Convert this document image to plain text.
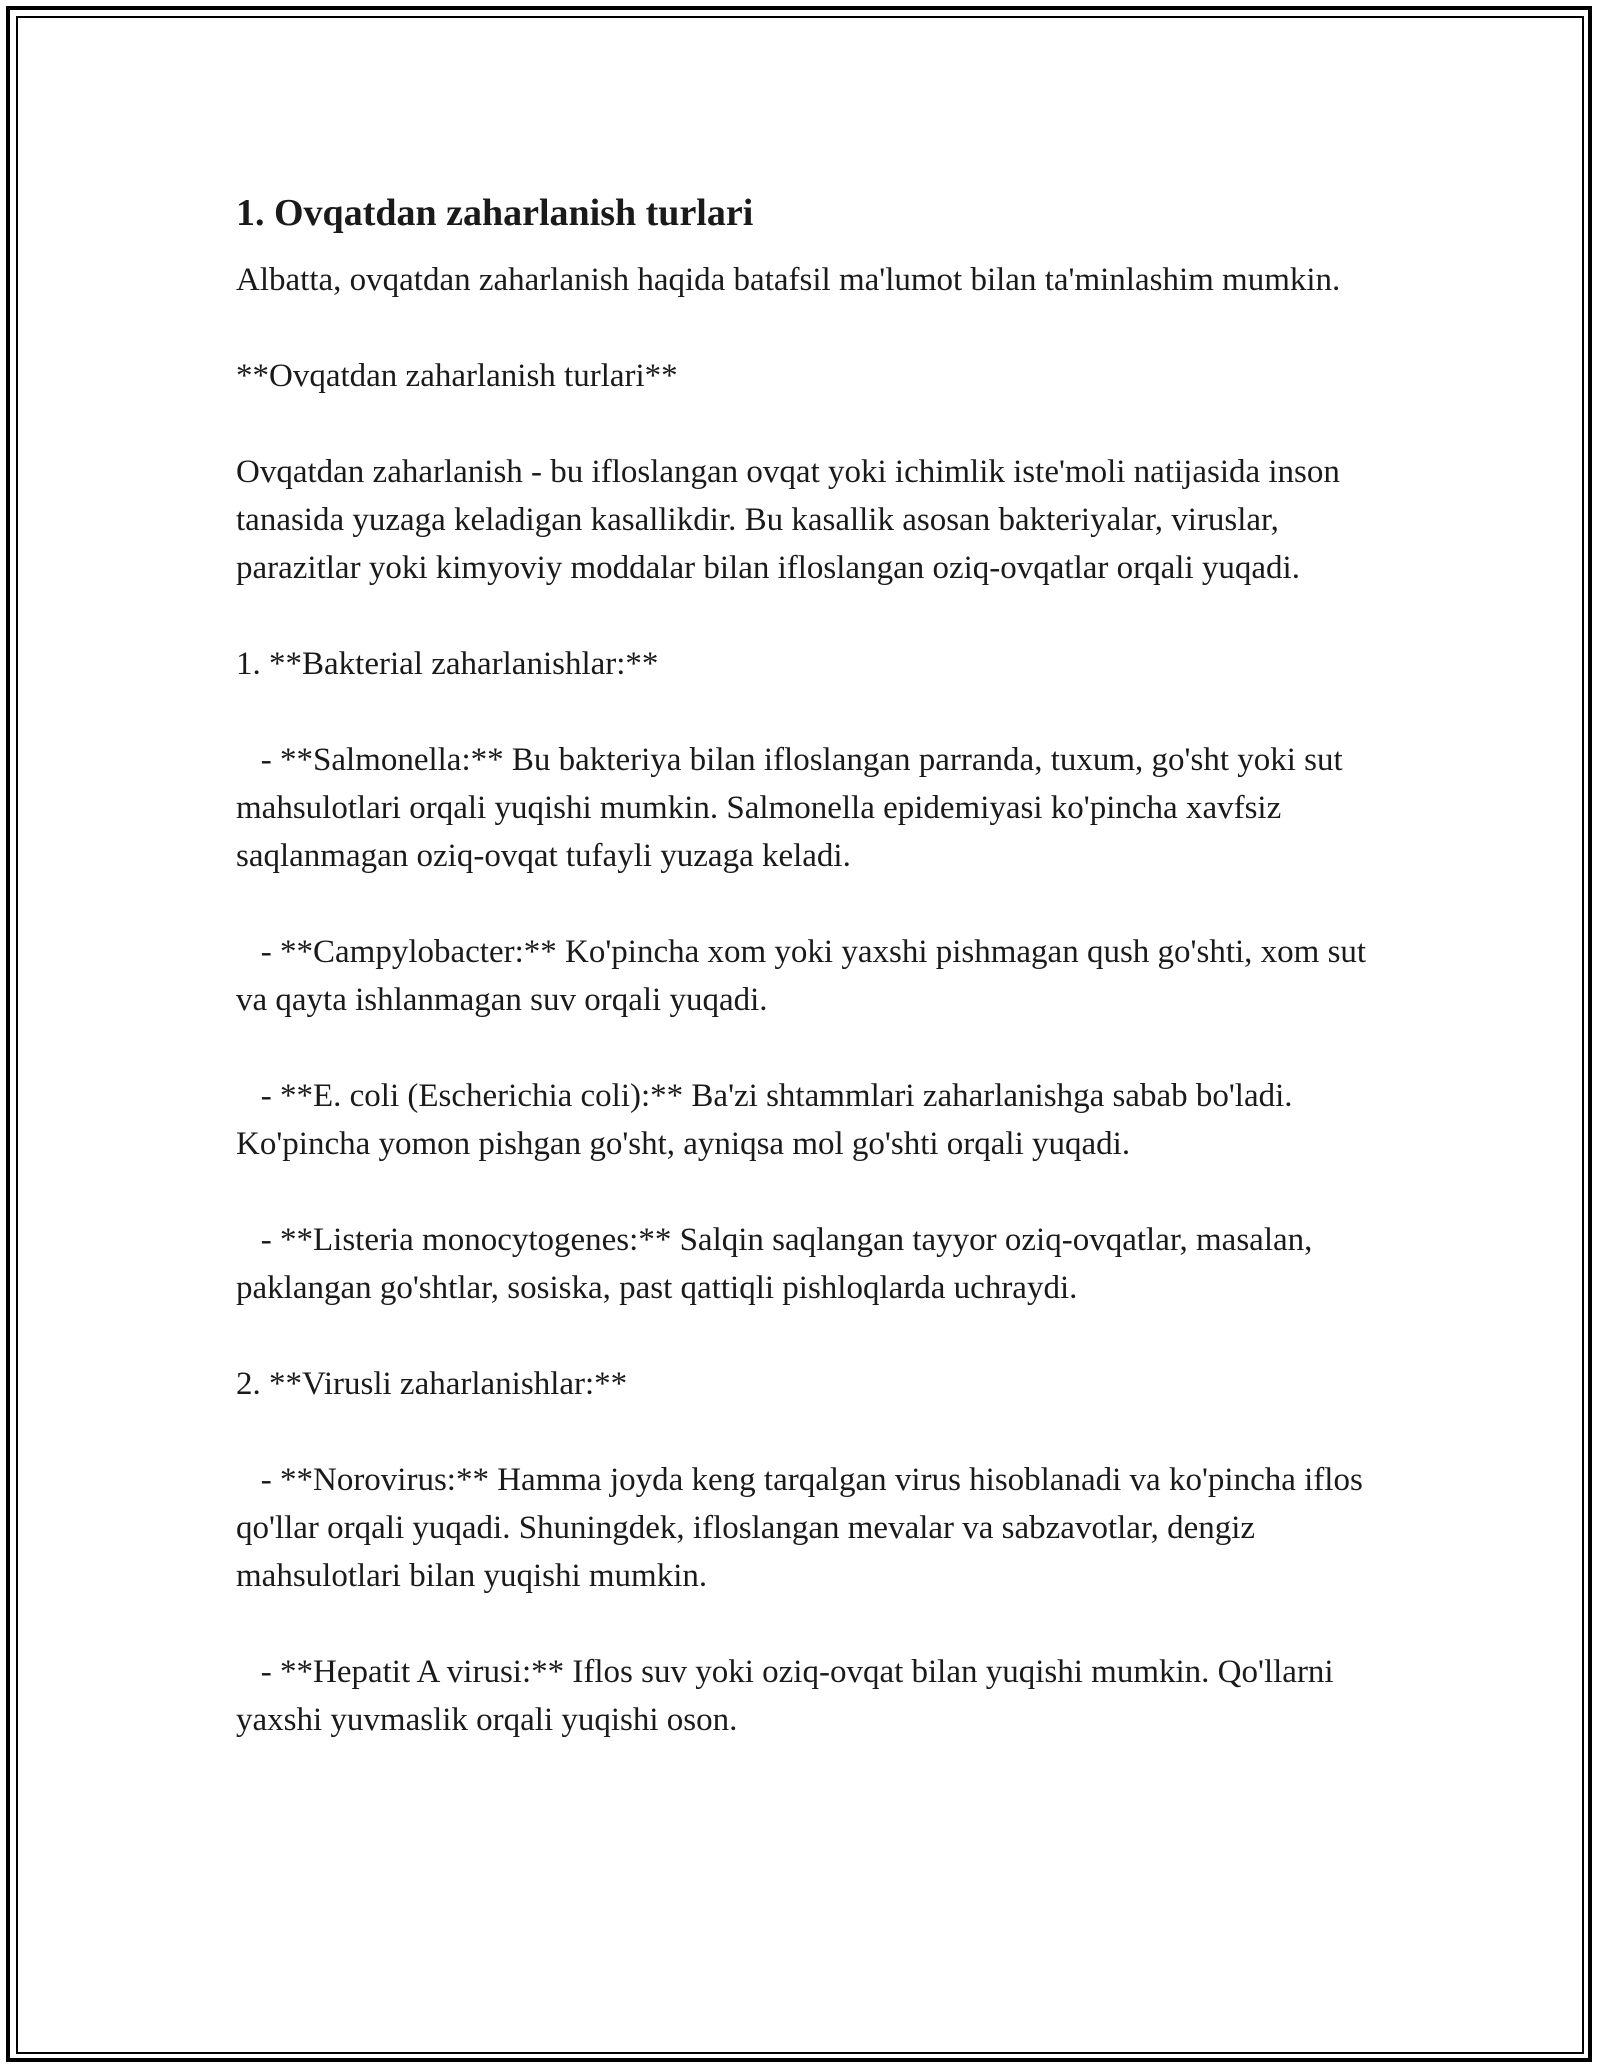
1. Ovqatdan zaharlanish turlari

Albatta, ovqatdan zaharlanish haqida batafsil ma'lumot bilan ta'minlashim mumkin.

**Ovqatdan zaharlanish turlari**

Ovqatdan zaharlanish - bu ifloslangan ovqat yoki ichimlik iste'moli natijasida inson tanasida yuzaga keladigan kasallikdir. Bu kasallik asosan bakteriyalar, viruslar, parazitlar yoki kimyoviy moddalar bilan ifloslangan oziq-ovqatlar orqali yuqadi.

1. **Bakterial zaharlanishlar:**

- **Salmonella:** Bu bakteriya bilan ifloslangan parranda, tuxum, go'sht yoki sut mahsulotlari orqali yuqishi mumkin. Salmonella epidemiyasi ko'pincha xavfsiz saqlanmagan oziq-ovqat tufayli yuzaga keladi.

- **Campylobacter:** Ko'pincha xom yoki yaxshi pishmagan qush go'shti, xom sut va qayta ishlanmagan suv orqali yuqadi.

- **E. coli (Escherichia coli):** Ba'zi shtammlari zaharlanishga sabab bo'ladi. Ko'pincha yomon pishgan go'sht, ayniqsa mol go'shti orqali yuqadi.

- **Listeria monocytogenes:** Salqin saqlangan tayyor oziq-ovqatlar, masalan, paklangan go'shtlar, sosiska, past qattiqli pishloqlarda uchraydi.

2. **Virusli zaharlanishlar:**

- **Norovirus:** Hamma joyda keng tarqalgan virus hisoblanadi va ko'pincha iflos qo'llar orqali yuqadi. Shuningdek, ifloslangan mevalar va sabzavotlar, dengiz mahsulotlari bilan yuqishi mumkin.

- **Hepatit A virusi:** Iflos suv yoki oziq-ovqat bilan yuqishi mumkin. Qo'llarni yaxshi yuvmaslik orqali yuqishi oson.
